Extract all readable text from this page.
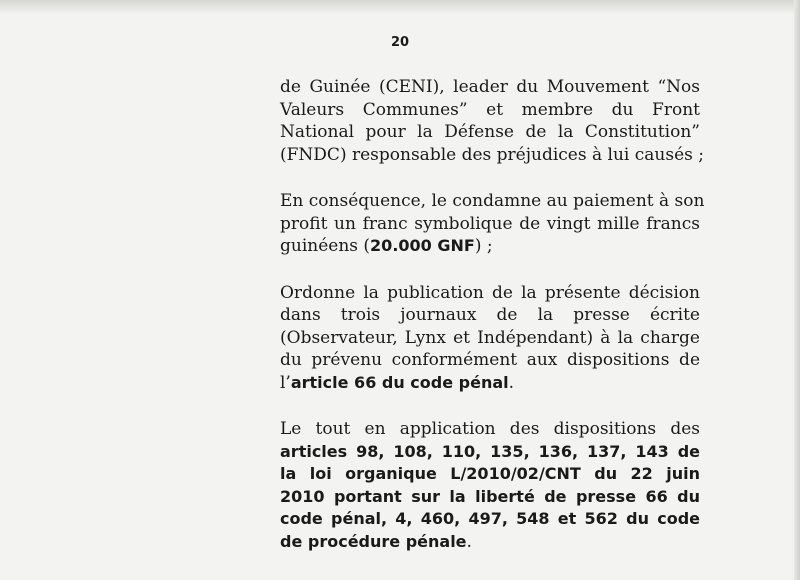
20

de Guinée (CENI), leader du Mouvement “Nos
Valeurs Communes” et membre du Front
National pour la Défense de la Constitution”
(FNDC) responsable des préjudices à lui causés ;

En conséquence, le condamne au paiement à son
profit un franc symbolique de vingt mille francs
guinéens (20.000 GNF) ;

Ordonne la publication de la présente décision
dans trois journaux de la presse écrite
(Observateur, Lynx et Indépendant) à la charge
du prévenu conformément aux dispositions de
l’article 66 du code pénal.

Le tout en application des dispositions des
articles 98, 108, 110, 135, 136, 137, 143 de
la loi organique L/2010/02/CNT du 22 juin
2010 portant sur la liberté de presse 66 du
code pénal, 4, 460, 497, 548 et 562 du code
de procédure pénale.
